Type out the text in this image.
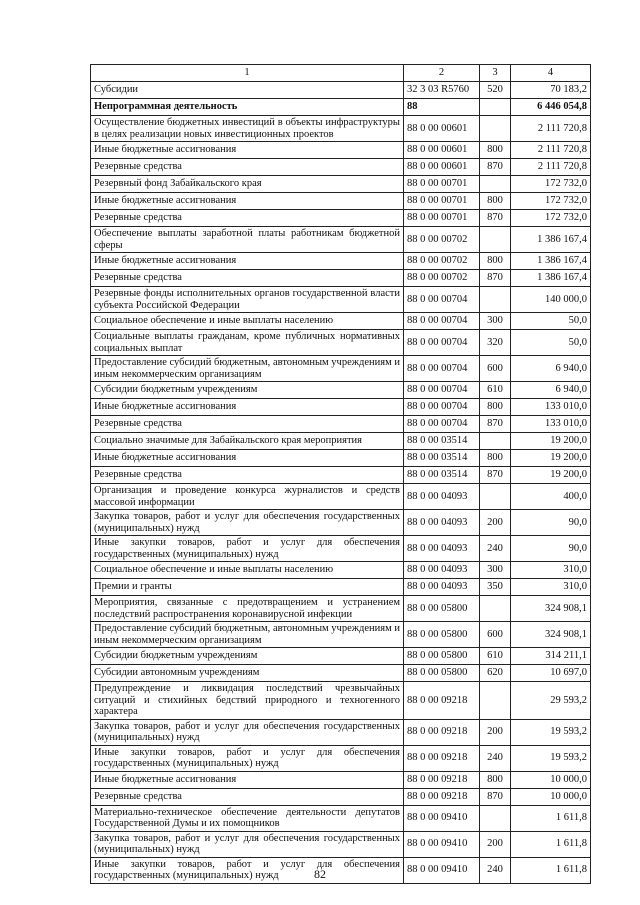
1	2	3	4
Субсидии	32 3 03 R5760	520	70 183,2
Непрограммная деятельность	88		6 446 054,8
Осуществление бюджетных инвестиций в объекты инфраструктуры в целях реализации новых инвестиционных проектов	88 0 00 00601		2 111 720,8
Иные бюджетные ассигнования	88 0 00 00601	800	2 111 720,8
Резервные средства	88 0 00 00601	870	2 111 720,8
Резервный фонд Забайкальского края	88 0 00 00701		172 732,0
Иные бюджетные ассигнования	88 0 00 00701	800	172 732,0
Резервные средства	88 0 00 00701	870	172 732,0
Обеспечение выплаты заработной платы работникам бюджетной сферы	88 0 00 00702		1 386 167,4
Иные бюджетные ассигнования	88 0 00 00702	800	1 386 167,4
Резервные средства	88 0 00 00702	870	1 386 167,4
Резервные фонды исполнительных органов государственной власти субъекта Российской Федерации	88 0 00 00704		140 000,0
Социальное обеспечение и иные выплаты населению	88 0 00 00704	300	50,0
Социальные выплаты гражданам, кроме публичных нормативных социальных выплат	88 0 00 00704	320	50,0
Предоставление субсидий бюджетным, автономным учреждениям и иным некоммерческим организациям	88 0 00 00704	600	6 940,0
Субсидии бюджетным учреждениям	88 0 00 00704	610	6 940,0
Иные бюджетные ассигнования	88 0 00 00704	800	133 010,0
Резервные средства	88 0 00 00704	870	133 010,0
Социально значимые для Забайкальского края мероприятия	88 0 00 03514		19 200,0
Иные бюджетные ассигнования	88 0 00 03514	800	19 200,0
Резервные средства	88 0 00 03514	870	19 200,0
Организация и проведение конкурса журналистов и средств массовой информации	88 0 00 04093		400,0
Закупка товаров, работ и услуг для обеспечения государственных (муниципальных) нужд	88 0 00 04093	200	90,0
Иные закупки товаров, работ и услуг для обеспечения государственных (муниципальных) нужд	88 0 00 04093	240	90,0
Социальное обеспечение и иные выплаты населению	88 0 00 04093	300	310,0
Премии и гранты	88 0 00 04093	350	310,0
Мероприятия, связанные с предотвращением и устранением последствий распространения коронавирусной инфекции	88 0 00 05800		324 908,1
Предоставление субсидий бюджетным, автономным учреждениям и иным некоммерческим организациям	88 0 00 05800	600	324 908,1
Субсидии бюджетным учреждениям	88 0 00 05800	610	314 211,1
Субсидии автономным учреждениям	88 0 00 05800	620	10 697,0
Предупреждение и ликвидация последствий чрезвычайных ситуаций и стихийных бедствий природного и техногенного характера	88 0 00 09218		29 593,2
Закупка товаров, работ и услуг для обеспечения государственных (муниципальных) нужд	88 0 00 09218	200	19 593,2
Иные закупки товаров, работ и услуг для обеспечения государственных (муниципальных) нужд	88 0 00 09218	240	19 593,2
Иные бюджетные ассигнования	88 0 00 09218	800	10 000,0
Резервные средства	88 0 00 09218	870	10 000,0
Материально-техническое обеспечение деятельности депутатов Государственной Думы и их помощников	88 0 00 09410		1 611,8
Закупка товаров, работ и услуг для обеспечения государственных (муниципальных) нужд	88 0 00 09410	200	1 611,8
Иные закупки товаров, работ и услуг для обеспечения государственных (муниципальных) нужд	88 0 00 09410	240	1 611,8
82
